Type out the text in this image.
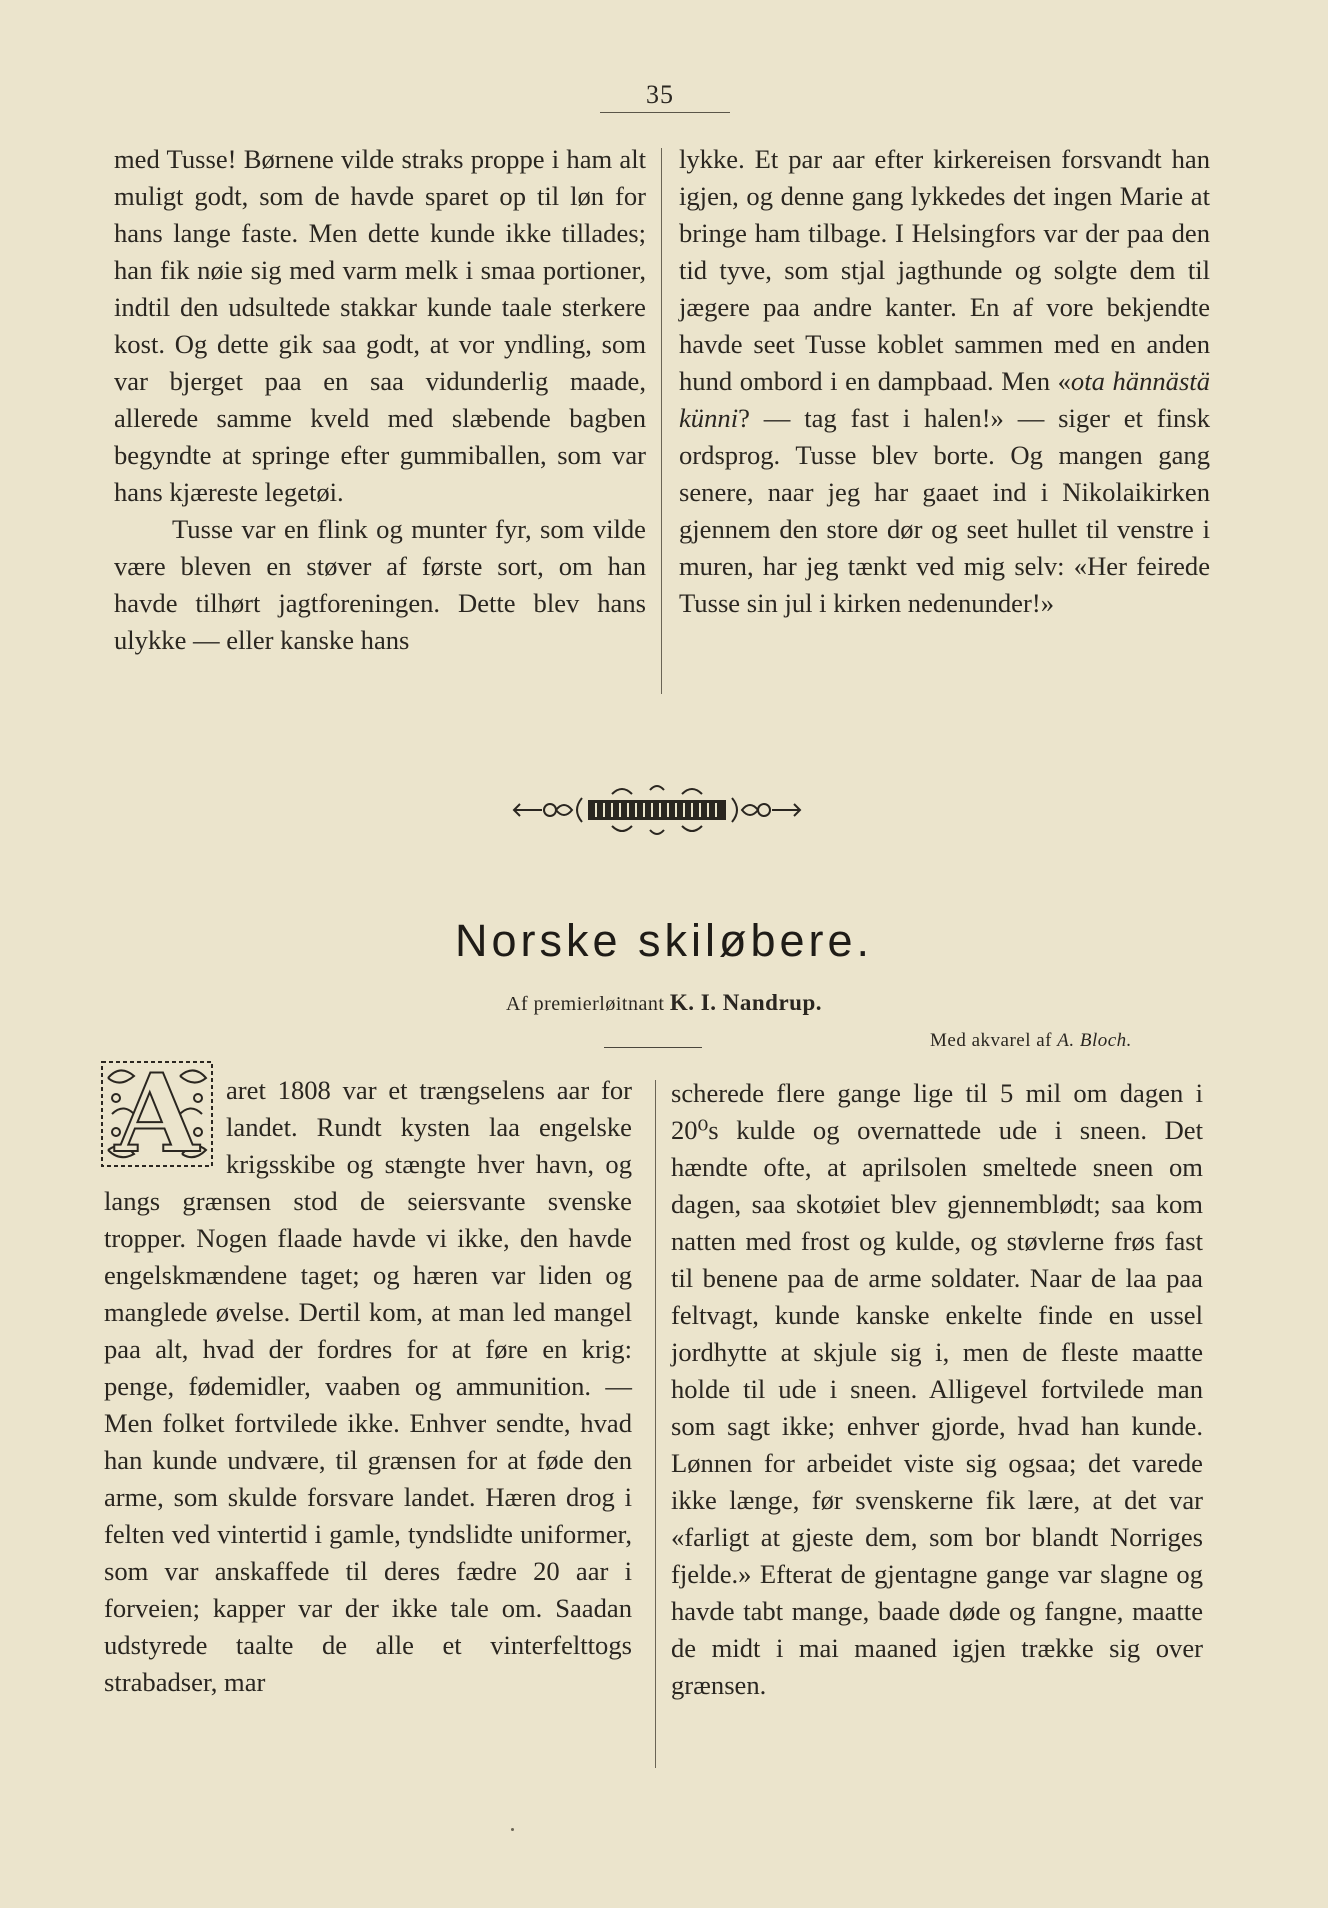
35

med Tusse! Børnene vilde straks proppe i ham alt muligt godt, som de havde sparet op til løn for hans lange faste. Men dette kunde ikke tillades; han fik nøie sig med varm melk i smaa portioner, indtil den udsultede stakkar kunde taale sterkere kost. Og dette gik saa godt, at vor yndling, som var bjerget paa en saa vidunderlig maade, allerede samme kveld med slæbende bagben begyndte at springe efter gummiballen, som var hans kjæreste legetøi.

Tusse var en flink og munter fyr, som vilde være bleven en støver af første sort, om han havde tilhørt jagtforeningen. Dette blev hans ulykke — eller kanske hans

lykke. Et par aar efter kirkereisen forsvandt han igjen, og denne gang lykkedes det ingen Marie at bringe ham tilbage. I Helsingfors var der paa den tid tyve, som stjal jagthunde og solgte dem til jægere paa andre kanter. En af vore bekjendte havde seet Tusse koblet sammen med en anden hund ombord i en dampbaad. Men «ota hännästä künni? — tag fast i halen!» — siger et finsk ordsprog. Tusse blev borte. Og mangen gang senere, naar jeg har gaaet ind i Nikolaikirken gjennem den store dør og seet hullet til venstre i muren, har jeg tænkt ved mig selv: «Her feirede Tusse sin jul i kirken nedenunder!»

Norske skiløbere.
Af premierløitnant K. I. Nandrup.
Med akvarel af A. Bloch.
A	aret 1808 var et trængselens aar for landet. Rundt kysten laa engelske krigsskibe og stængte hver havn, og langs grænsen stod de seiersvante svenske tropper. Nogen flaade havde vi ikke, den havde engelskmændene taget; og hæren var liden og manglede øvelse. Dertil kom, at man led mangel paa alt, hvad der fordres for at føre en krig: penge, fødemidler, vaaben og ammunition. — Men folket fortvilede ikke. Enhver sendte, hvad han kunde undvære, til grænsen for at føde den arme, som skulde forsvare landet. Hæren drog i felten ved vintertid i gamle, tyndslidte uniformer, som var anskaffede til deres fædre 20 aar i forveien; kapper var der ikke tale om. Saadan udstyrede taalte de alle et vinterfelttogs strabadser, mar

scherede flere gange lige til 5 mil om dagen i 20⁰s kulde og overnattede ude i sneen. Det hændte ofte, at aprilsolen smeltede sneen om dagen, saa skotøiet blev gjennemblødt; saa kom natten med frost og kulde, og støvlerne frøs fast til benene paa de arme soldater. Naar de laa paa feltvagt, kunde kanske enkelte finde en ussel jordhytte at skjule sig i, men de fleste maatte holde til ude i sneen. Alligevel fortvilede man som sagt ikke; enhver gjorde, hvad han kunde. Lønnen for arbeidet viste sig ogsaa; det varede ikke længe, før svenskerne fik lære, at det var «farligt at gjeste dem, som bor blandt Norriges fjelde.» Efterat de gjentagne gange var slagne og havde tabt mange, baade døde og fangne, maatte de midt i mai maaned igjen trække sig over grænsen.
